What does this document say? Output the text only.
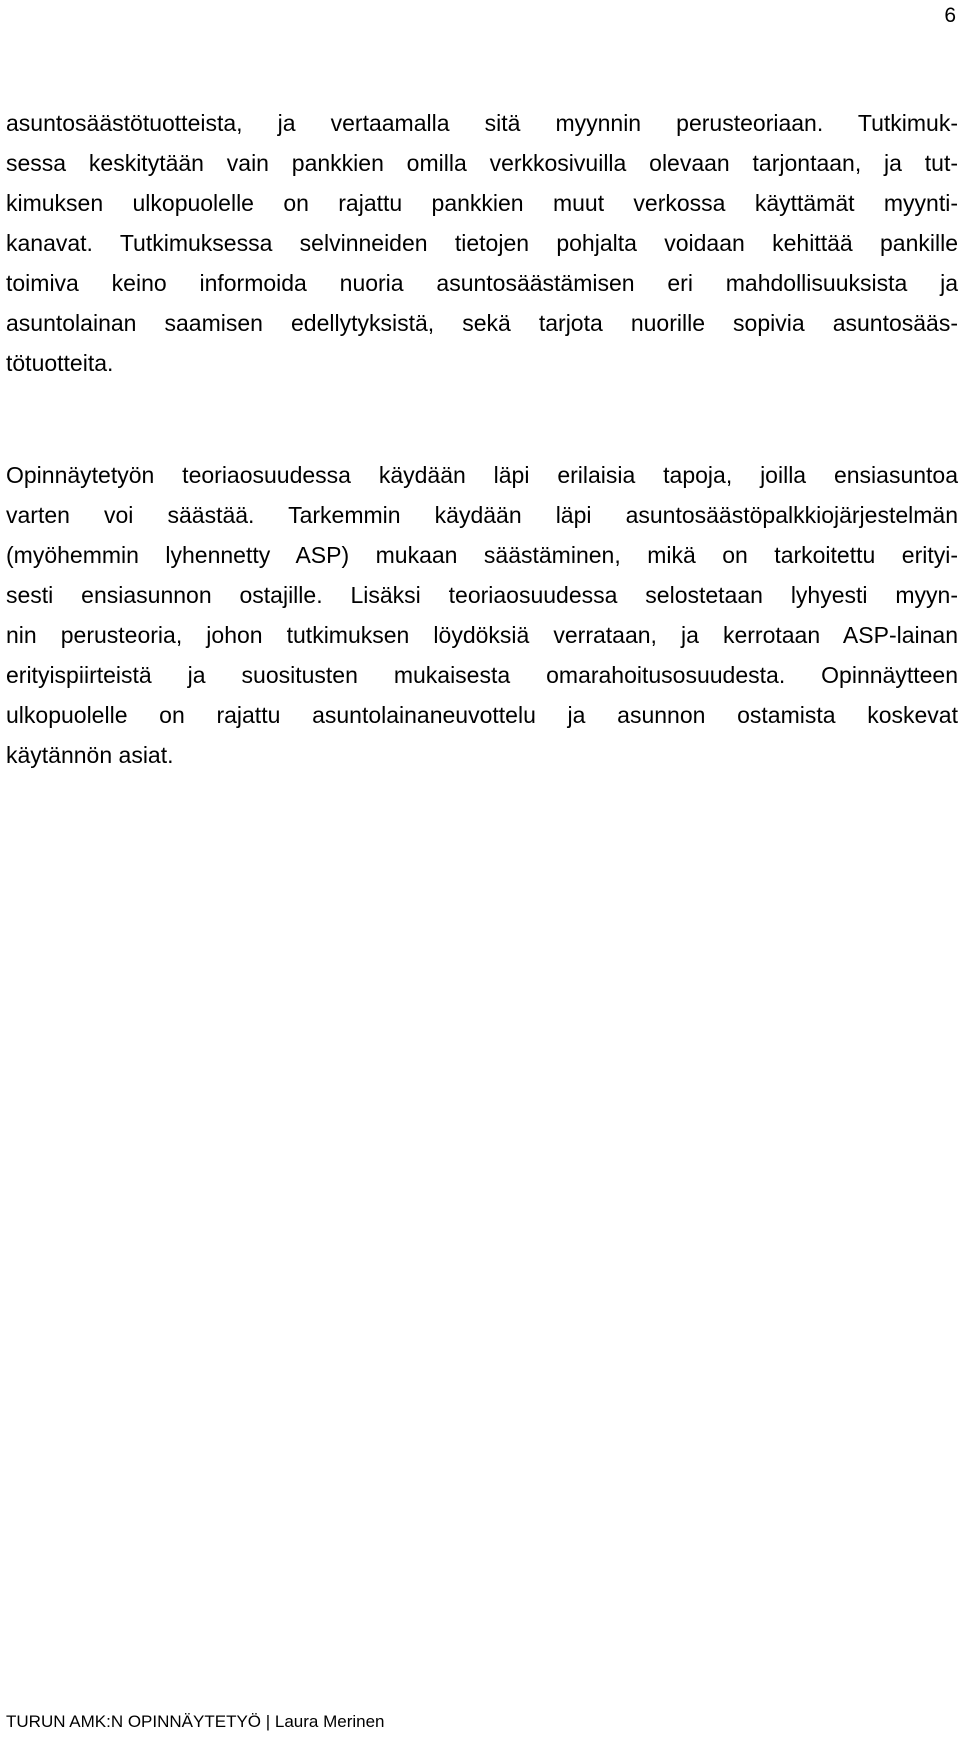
6
asuntosäästötuotteista, ja vertaamalla sitä myynnin perusteoriaan. Tutkimuk-
sessa keskitytään vain pankkien omilla verkkosivuilla olevaan tarjontaan, ja tut-
kimuksen ulkopuolelle on rajattu pankkien muut verkossa käyttämät myynti-
kanavat. Tutkimuksessa selvinneiden tietojen pohjalta voidaan kehittää pankille
toimiva keino informoida nuoria asuntosäästämisen eri mahdollisuuksista ja
asuntolainan saamisen edellytyksistä, sekä tarjota nuorille sopivia asuntosääs-
tötuotteita.
Opinnäytetyön teoriaosuudessa käydään läpi erilaisia tapoja, joilla ensiasuntoa
varten voi säästää. Tarkemmin käydään läpi asuntosäästöpalkkiojärjestelmän
(myöhemmin lyhennetty ASP) mukaan säästäminen, mikä on tarkoitettu erityi-
sesti ensiasunnon ostajille. Lisäksi teoriaosuudessa selostetaan lyhyesti myyn-
nin perusteoria, johon tutkimuksen löydöksiä verrataan, ja kerrotaan ASP-lainan
erityispiirteistä ja suositusten mukaisesta omarahoitusosuudesta. Opinnäytteen
ulkopuolelle on rajattu asuntolainaneuvottelu ja asunnon ostamista koskevat
käytännön asiat.
TURUN AMK:N OPINNÄYTETYÖ | Laura Merinen
